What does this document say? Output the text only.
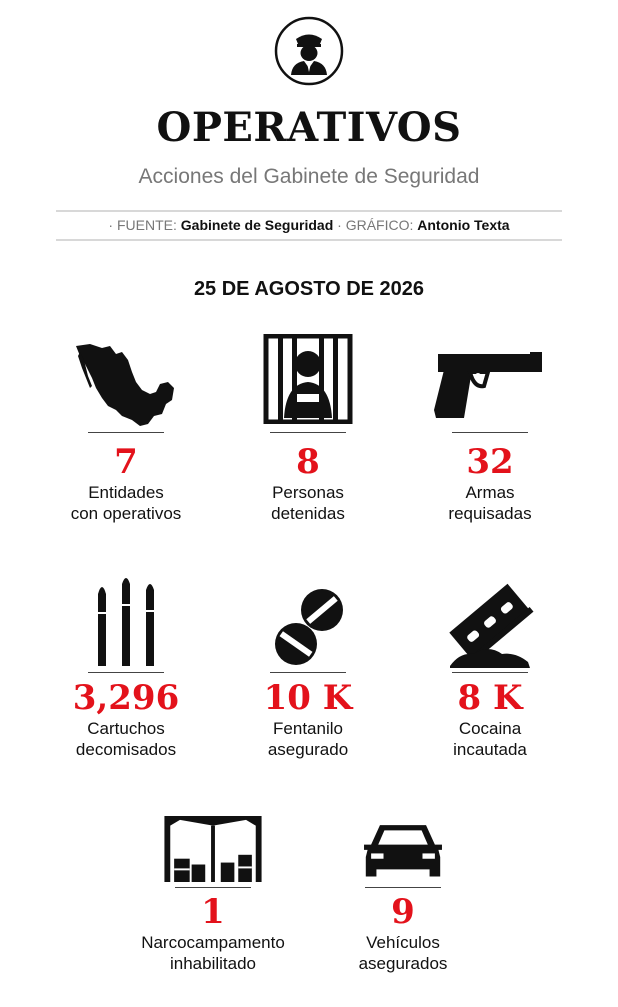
OPERATIVOS
Acciones del Gabinete de Seguridad
· FUENTE: Gabinete de Seguridad · GRÁFICO: Antonio Texta
25 DE AGOSTO DE 2026
7
Entidades
con operativos
8
Personas
detenidas
32
Armas
requisadas
3,296
Cartuchos
decomisados
10 K
Fentanilo
asegurado
8 K
Cocaina
incautada
1
Narcocampamento
inhabilitado
9
Vehículos
asegurados
